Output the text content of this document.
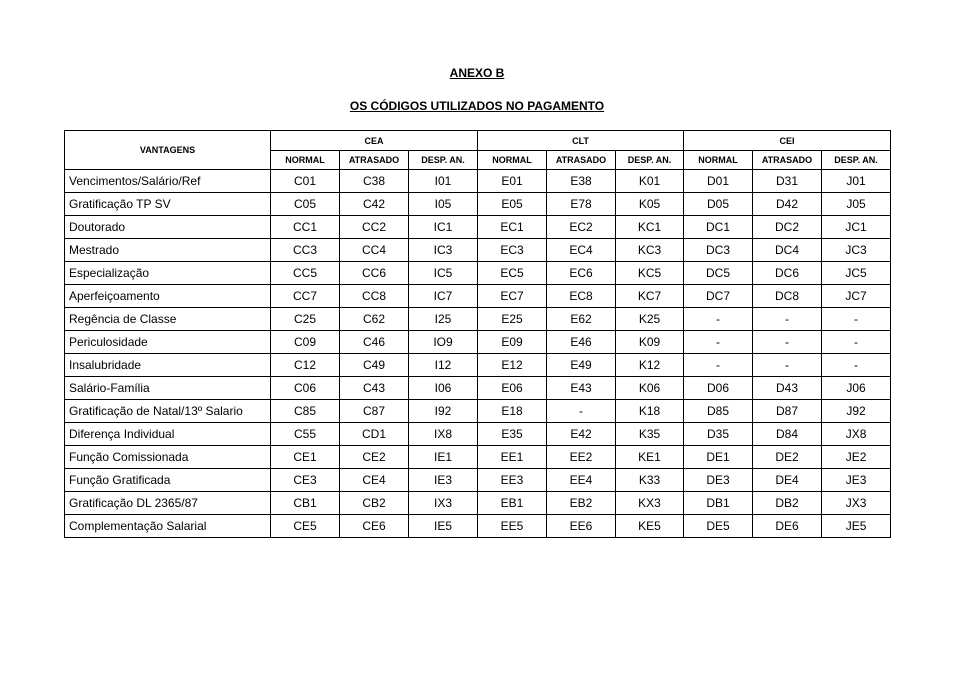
ANEXO B
OS CÓDIGOS UTILIZADOS NO PAGAMENTO
VANTAGENS	CEA			CLT			CEI		
	NORMAL	ATRASADO	DESP. AN.	NORMAL	ATRASADO	DESP. AN.	NORMAL	ATRASADO	DESP. AN.
Vencimentos/Salário/Ref	C01	C38	I01	E01	E38	K01	D01	D31	J01
Gratificação TP SV	C05	C42	I05	E05	E78	K05	D05	D42	J05
Doutorado	CC1	CC2	IC1	EC1	EC2	KC1	DC1	DC2	JC1
Mestrado	CC3	CC4	IC3	EC3	EC4	KC3	DC3	DC4	JC3
Especialização	CC5	CC6	IC5	EC5	EC6	KC5	DC5	DC6	JC5
Aperfeiçoamento	CC7	CC8	IC7	EC7	EC8	KC7	DC7	DC8	JC7
Regência de Classe	C25	C62	I25	E25	E62	K25	-	-	-
Periculosidade	C09	C46	IO9	E09	E46	K09	-	-	-
Insalubridade	C12	C49	I12	E12	E49	K12	-	-	-
Salário-Família	C06	C43	I06	E06	E43	K06	D06	D43	J06
Gratificação de Natal/13º Salario	C85	C87	I92	E18	-	K18	D85	D87	J92
Diferença Individual	C55	CD1	IX8	E35	E42	K35	D35	D84	JX8
Função Comissionada	CE1	CE2	IE1	EE1	EE2	KE1	DE1	DE2	JE2
Função Gratificada	CE3	CE4	IE3	EE3	EE4	K33	DE3	DE4	JE3
Gratificação DL 2365/87	CB1	CB2	IX3	EB1	EB2	KX3	DB1	DB2	JX3
Complementação Salarial	CE5	CE6	IE5	EE5	EE6	KE5	DE5	DE6	JE5
